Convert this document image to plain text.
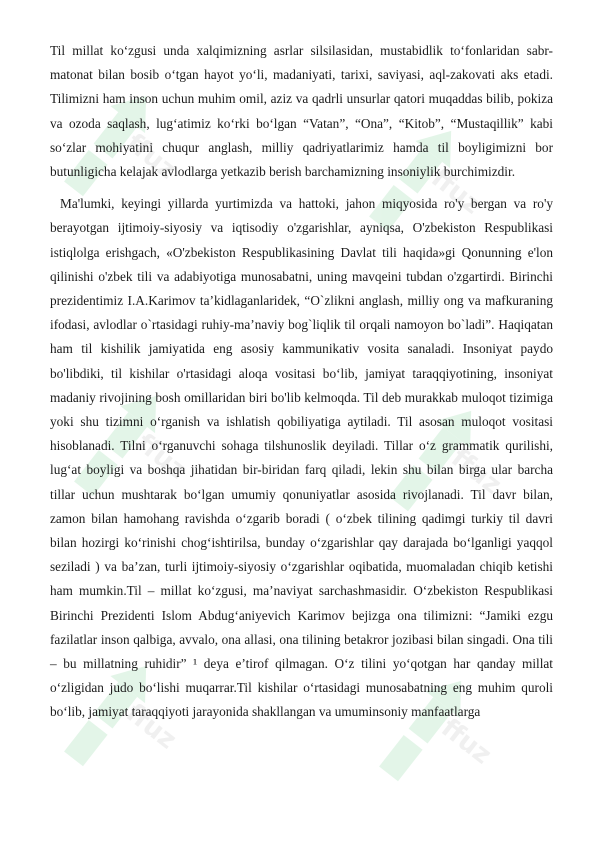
ffuz
ffuz
ffuz	ffuz
ffuz	ffuz

Til millat ko‘zgusi unda xalqimizning asrlar silsilasidan, mustabidlik to‘fonlaridan sabr-matonat bilan bosib o‘tgan hayot yo‘li, madaniyati, tarixi, saviyasi, aql-zakovati aks etadi. Tilimizni ham inson uchun muhim omil, aziz va qadrli unsurlar qatori muqaddas bilib, pokiza va ozoda saqlash, lug‘atimiz ko‘rki bo‘lgan “Vatan”, “Ona”, “Kitob”, “Mustaqillik” kabi so‘zlar mohiyatini chuqur anglash, milliy qadriyatlarimiz hamda til boyligimizni bor butunligicha kelajak avlodlarga yetkazib berish barchamizning insoniylik burchimizdir.

Ma'lumki, keyingi yillarda yurtimizda va hattoki, jahon miqyosida ro'y bergan va ro'y berayotgan ijtimoiy-siyosiy va iqtisodiy o'zgarishlar, ayniqsa, O'zbekiston Respublikasi istiqlolga erishgach, «O'zbekiston Respublikasining Davlat tili haqida»gi Qonunning e'lon qilinishi o'zbek tili va adabiyotiga munosabatni, uning mavqeini tubdan o'zgartirdi. Birinchi prezidentimiz I.A.Karimov ta’kidlaganlaridek, “O`zlikni anglash, milliy ong va mafkuraning ifodasi, avlodlar o`rtasidagi ruhiy-ma’naviy bog`liqlik til orqali namoyon bo`ladi”. Haqiqatan ham til kishilik jamiyatida eng asosiy kammunikativ vosita sanaladi. Insoniyat paydo bo'libdiki, til kishilar o'rtasidagi aloqa vositasi bo‘lib, jamiyat taraqqiyotining, insoniyat madaniy rivojining bosh omillaridan biri bo'lib kelmoqda. Til deb murakkab muloqot tizimiga yoki shu tizimni o‘rganish va ishlatish qobiliyatiga aytiladi. Til asosan muloqot vositasi hisoblanadi. Tilni o‘rganuvchi sohaga tilshunoslik deyiladi. Tillar o‘z grammatik qurilishi, lug‘at boyligi va boshqa jihatidan bir-biridan farq qiladi, lekin shu bilan birga ular barcha tillar uchun mushtarak bo‘lgan umumiy qonuniyatlar asosida rivojlanadi. Til davr bilan, zamon bilan hamohang ravishda o‘zgarib boradi ( o‘zbek tilining qadimgi turkiy til davri bilan hozirgi ko‘rinishi chog‘ishtirilsa, bunday o‘zgarishlar qay darajada bo‘lganligi yaqqol seziladi ) va ba’zan, turli ijtimoiy-siyosiy o‘zgarishlar oqibatida, muomaladan chiqib ketishi ham mumkin.Til – millat ko‘zgusi, ma’naviyat sarchashmasidir. O‘zbekiston Respublikasi Birinchi Prezidenti Islom Abdug‘aniyevich Karimov bejizga ona tilimizni: “Jamiki ezgu fazilatlar inson qalbiga, avvalo, ona allasi, ona tilining betakror jozibasi bilan singadi. Ona tili – bu millatning ruhidir” ¹ deya e’tirof qilmagan. O‘z tilini yo‘qotgan har qanday millat o‘zligidan judo bo‘lishi muqarrar.Til kishilar o‘rtasidagi munosabatning eng muhim quroli bo‘lib, jamiyat taraqqiyoti jarayonida shakllangan va umuminsoniy manfaatlarga
